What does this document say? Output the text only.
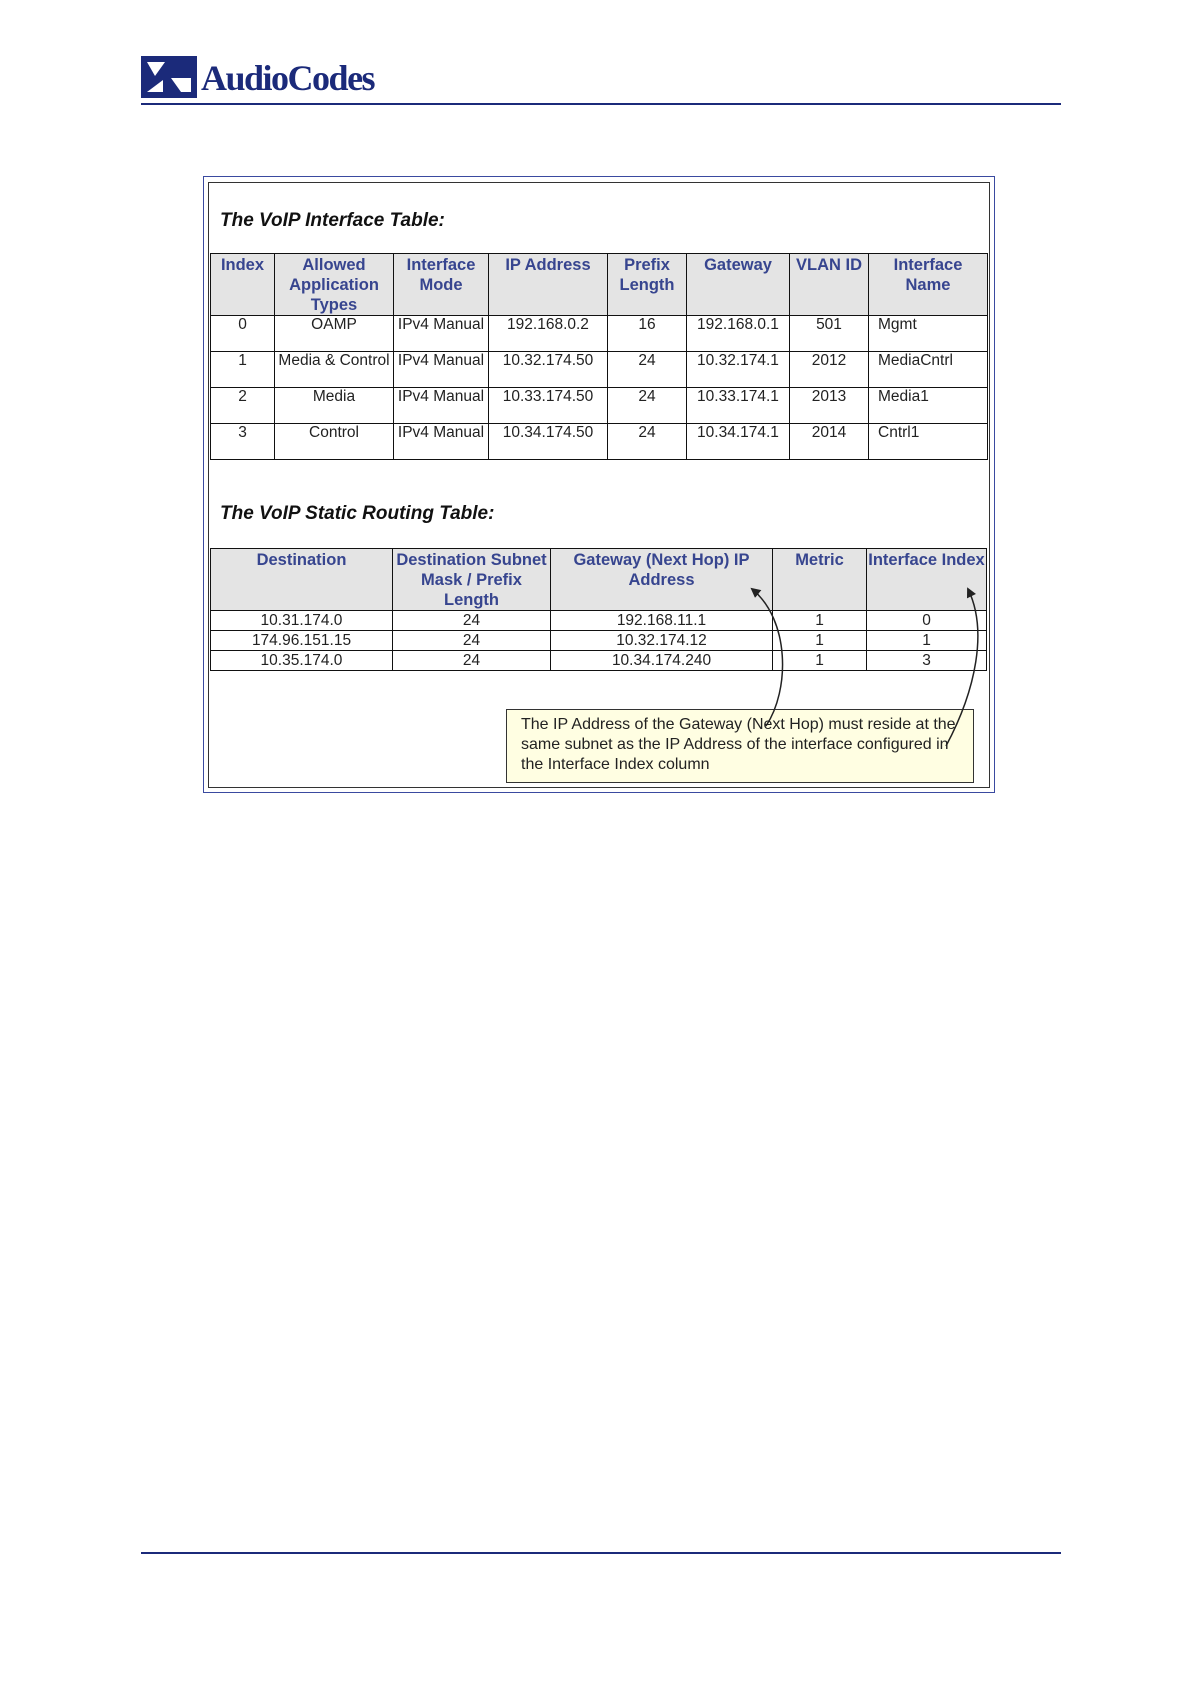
AudioCodes
The VoIP Interface Table:
Index	Allowed Application Types	Interface Mode	IP Address	Prefix Length	Gateway	VLAN ID	Interface Name
0	OAMP	IPv4 Manual	192.168.0.2	16	192.168.0.1	501	Mgmt
1	Media & Control	IPv4 Manual	10.32.174.50	24	10.32.174.1	2012	MediaCntrl
2	Media	IPv4 Manual	10.33.174.50	24	10.33.174.1	2013	Media1
3	Control	IPv4 Manual	10.34.174.50	24	10.34.174.1	2014	Cntrl1
The VoIP Static Routing Table:
Destination	Destination Subnet Mask / Prefix Length	Gateway (Next Hop) IP Address	Metric	Interface Index
10.31.174.0	24	192.168.11.1	1	0
174.96.151.15	24	10.32.174.12	1	1
10.35.174.0	24	10.34.174.240	1	3
The IP Address of the Gateway (Next Hop) must reside at the same subnet as the IP Address of the interface configured in the Interface Index column
